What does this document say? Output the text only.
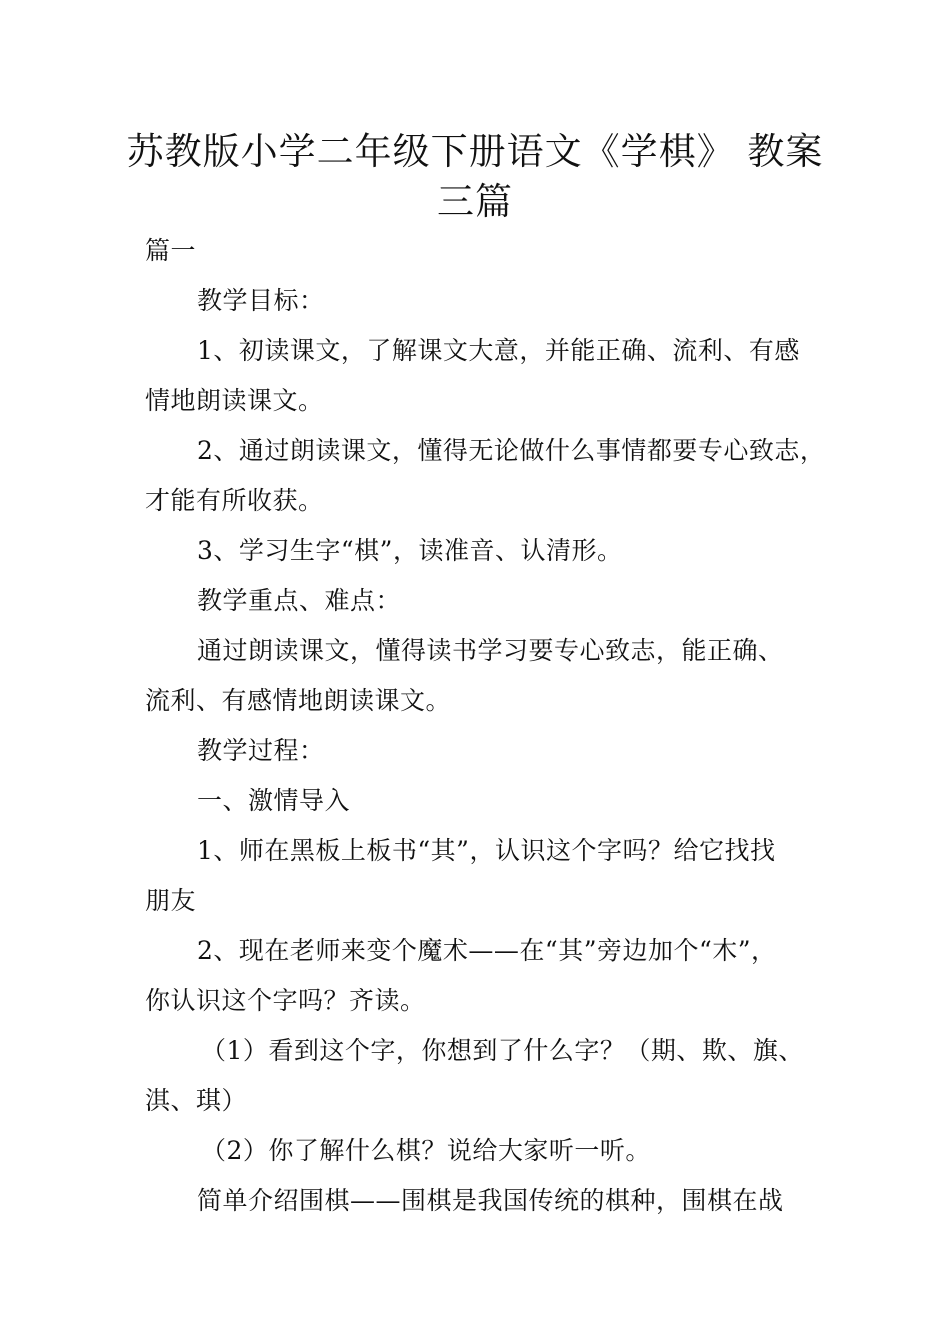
苏教版小学二年级下册语文《学棋》 教案
三篇

篇一

教学目标：

1、初读课文，了解课文大意，并能正确、流利、有感

情地朗读课文。

2、通过朗读课文，懂得无论做什么事情都要专心致志，

才能有所收获。

3、学习生字“棋”，读准音、认清形。

教学重点、难点：

通过朗读课文，懂得读书学习要专心致志，能正确、

流利、有感情地朗读课文。

教学过程：

一、激情导入

1、师在黑板上板书“其”，认识这个字吗？给它找找

朋友

2、现在老师来变个魔术——在“其”旁边加个“木”，

你认识这个字吗？齐读。

（1）看到这个字，你想到了什么字？（期、欺、旗、

淇、琪）

（2）你了解什么棋？说给大家听一听。

简单介绍围棋——围棋是我国传统的棋种，围棋在战
